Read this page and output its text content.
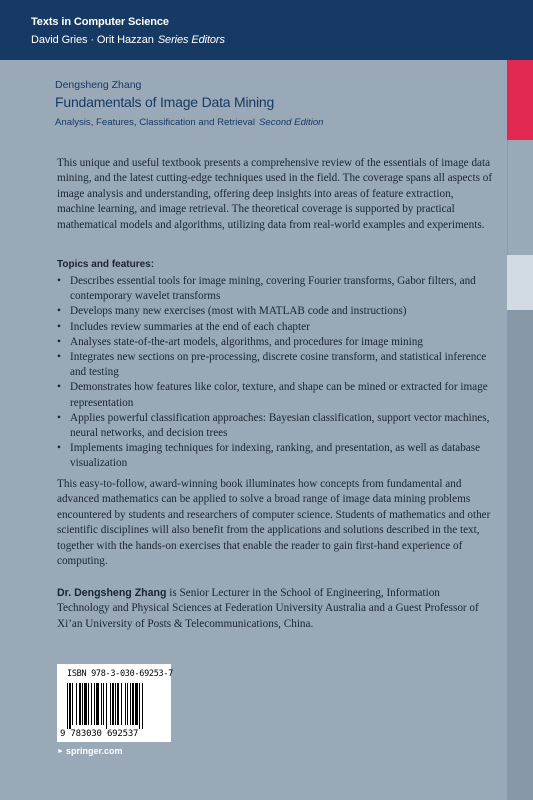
Texts in Computer Science
David Gries · Orit Hazzan Series Editors
Dengsheng Zhang
Fundamentals of Image Data Mining
Analysis, Features, Classification and Retrieval Second Edition
This unique and useful textbook presents a comprehensive review of the essentials of image data mining, and the latest cutting-edge techniques used in the field. The coverage spans all aspects of image analysis and understanding, offering deep insights into areas of feature extraction, machine learning, and image retrieval. The theoretical coverage is supported by practical mathematical models and algorithms, utilizing data from real-world examples and experiments.
Topics and features:
• Describes essential tools for image mining, covering Fourier transforms, Gabor filters, and contemporary wavelet transforms
• Develops many new exercises (most with MATLAB code and instructions)
• Includes review summaries at the end of each chapter
• Analyses state-of-the-art models, algorithms, and procedures for image mining
• Integrates new sections on pre-processing, discrete cosine transform, and statistical inference and testing
• Demonstrates how features like color, texture, and shape can be mined or extracted for image representation
• Applies powerful classification approaches: Bayesian classification, support vector machines, neural networks, and decision trees
• Implements imaging techniques for indexing, ranking, and presentation, as well as database visualization
This easy-to-follow, award-winning book illuminates how concepts from fundamental and advanced mathematics can be applied to solve a broad range of image data mining problems encountered by students and researchers of computer science. Students of mathematics and other scientific disciplines will also benefit from the applications and solutions described in the text, together with the hands-on exercises that enable the reader to gain first-hand experience of computing.
Dr. Dengsheng Zhang is Senior Lecturer in the School of Engineering, Information Technology and Physical Sciences at Federation University Australia and a Guest Professor of Xi’an University of Posts & Telecommunications, China.
ISBN 978-3-030-69253-7
9 783030 692537
► springer.com
